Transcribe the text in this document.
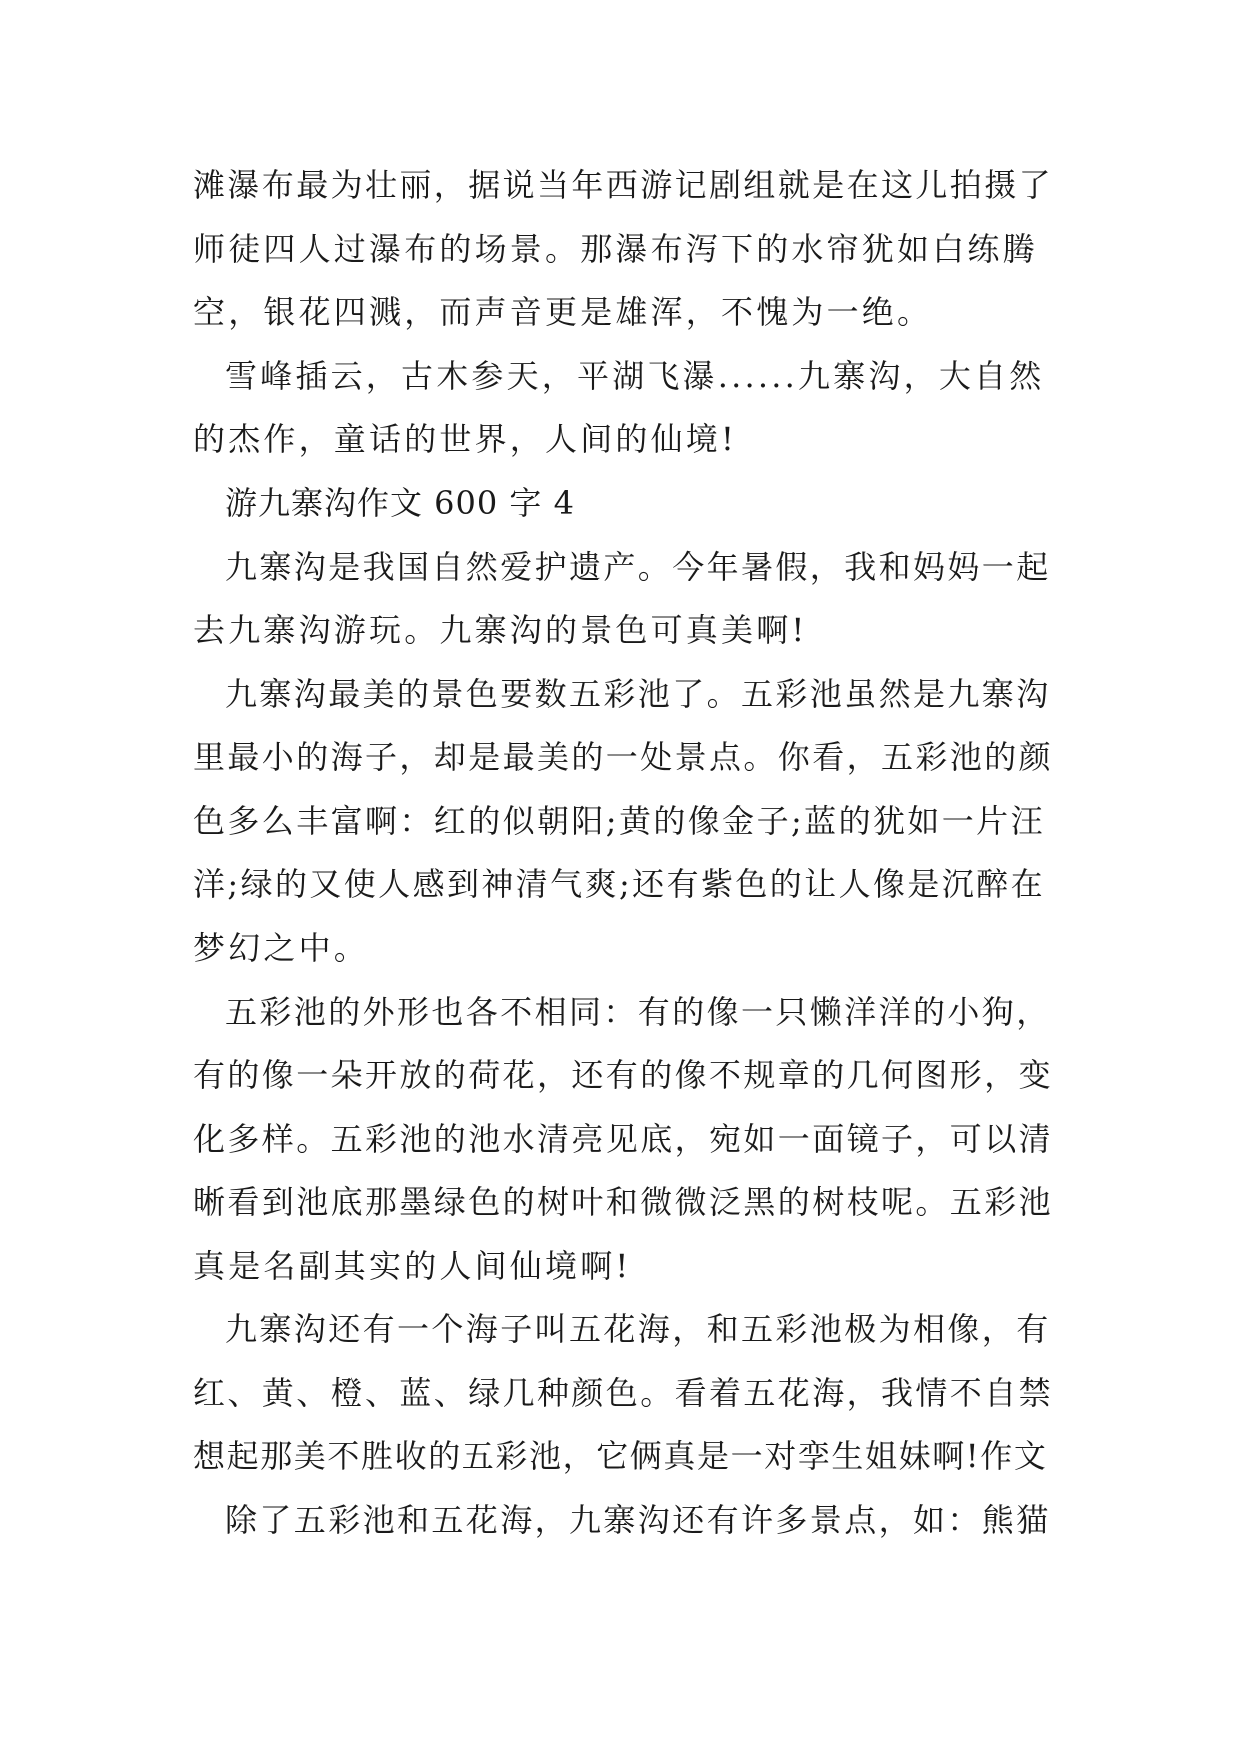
滩瀑布最为壮丽，据说当年西游记剧组就是在这儿拍摄了
师徒四人过瀑布的场景。那瀑布泻下的水帘犹如白练腾
空，银花四溅，而声音更是雄浑，不愧为一绝。
雪峰插云，古木参天，平湖飞瀑......九寨沟，大自然
的杰作，童话的世界，人间的仙境!
游九寨沟作文 600 字 4
九寨沟是我国自然爱护遗产。今年暑假，我和妈妈一起
去九寨沟游玩。九寨沟的景色可真美啊!
九寨沟最美的景色要数五彩池了。五彩池虽然是九寨沟
里最小的海子，却是最美的一处景点。你看，五彩池的颜
色多么丰富啊：红的似朝阳;黄的像金子;蓝的犹如一片汪
洋;绿的又使人感到神清气爽;还有紫色的让人像是沉醉在
梦幻之中。
五彩池的外形也各不相同：有的像一只懒洋洋的小狗，
有的像一朵开放的荷花，还有的像不规章的几何图形，变
化多样。五彩池的池水清亮见底，宛如一面镜子，可以清
晰看到池底那墨绿色的树叶和微微泛黑的树枝呢。五彩池
真是名副其实的人间仙境啊!
九寨沟还有一个海子叫五花海，和五彩池极为相像，有
红、黄、橙、蓝、绿几种颜色。看着五花海，我情不自禁
想起那美不胜收的五彩池，它俩真是一对孪生姐妹啊!作文
除了五彩池和五花海，九寨沟还有许多景点，如：熊猫
